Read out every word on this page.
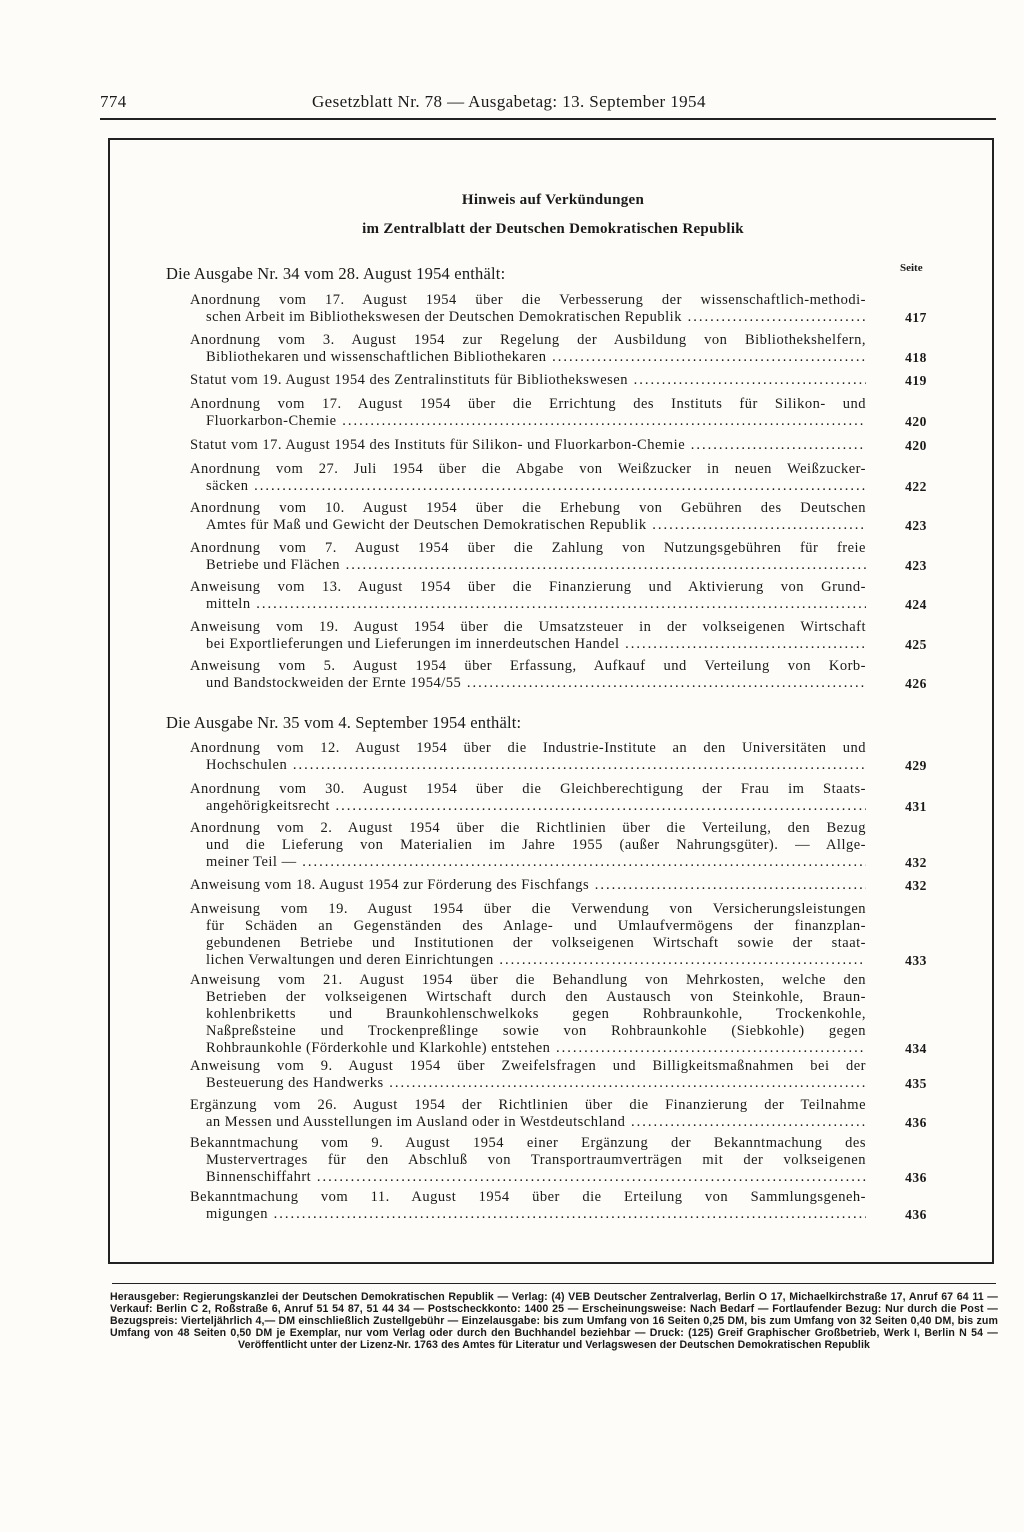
774	Gesetzblatt Nr. 78 — Ausgabetag: 13. September 1954
Hinweis auf Verkündungen
im Zentralblatt der Deutschen Demokratischen Republik
Seite
Die Ausgabe Nr. 34 vom 28. August 1954 enthält:
Anordnung vom 17. August 1954 über die Verbesserung der wissenschaftlich-methodi-
schen Arbeit im Bibliothekswesen der Deutschen Demokratischen Republik .....	417
Anordnung vom 3. August 1954 zur Regelung der Ausbildung von Bibliothekshelfern,
Bibliothekaren und wissenschaftlichen Bibliothekaren .....	418
Statut vom 19. August 1954 des Zentralinstituts für Bibliothekswesen .....	419
Anordnung vom 17. August 1954 über die Errichtung des Instituts für Silikon- und
Fluorkarbon-Chemie .....	420
Statut vom 17. August 1954 des Instituts für Silikon- und Fluorkarbon-Chemie .....	420
Anordnung vom 27. Juli 1954 über die Abgabe von Weißzucker in neuen Weißzucker-
säcken .....	422
Anordnung vom 10. August 1954 über die Erhebung von Gebühren des Deutschen
Amtes für Maß und Gewicht der Deutschen Demokratischen Republik .....	423
Anordnung vom 7. August 1954 über die Zahlung von Nutzungsgebühren für freie
Betriebe und Flächen .....	423
Anweisung vom 13. August 1954 über die Finanzierung und Aktivierung von Grund-
mitteln .....	424
Anweisung vom 19. August 1954 über die Umsatzsteuer in der volkseigenen Wirtschaft
bei Exportlieferungen und Lieferungen im innerdeutschen Handel .....	425
Anweisung vom 5. August 1954 über Erfassung, Aufkauf und Verteilung von Korb-
und Bandstockweiden der Ernte 1954/55 .....	426
Die Ausgabe Nr. 35 vom 4. September 1954 enthält:
Anordnung vom 12. August 1954 über die Industrie-Institute an den Universitäten und
Hochschulen .....	429
Anordnung vom 30. August 1954 über die Gleichberechtigung der Frau im Staats-
angehörigkeitsrecht .....	431
Anordnung vom 2. August 1954 über die Richtlinien über die Verteilung, den Bezug
und die Lieferung von Materialien im Jahre 1955 (außer Nahrungsgüter). — Allge-
meiner Teil — .....	432
Anweisung vom 18. August 1954 zur Förderung des Fischfangs .....	432
Anweisung vom 19. August 1954 über die Verwendung von Versicherungsleistungen
für Schäden an Gegenständen des Anlage- und Umlaufvermögens der finanzplan-
gebundenen Betriebe und Institutionen der volkseigenen Wirtschaft sowie der staat-
lichen Verwaltungen und deren Einrichtungen .....	433
Anweisung vom 21. August 1954 über die Behandlung von Mehrkosten, welche den
Betrieben der volkseigenen Wirtschaft durch den Austausch von Steinkohle, Braun-
kohlenbriketts und Braunkohlenschwelkoks gegen Rohbraunkohle, Trockenkohle,
Naßpreßsteine und Trockenpreßlinge sowie von Rohbraunkohle (Siebkohle) gegen
Rohbraunkohle (Förderkohle und Klarkohle) entstehen .....	434
Anweisung vom 9. August 1954 über Zweifelsfragen und Billigkeitsmaßnahmen bei der
Besteuerung des Handwerks .....	435
Ergänzung vom 26. August 1954 der Richtlinien über die Finanzierung der Teilnahme
an Messen und Ausstellungen im Ausland oder in Westdeutschland .....	436
Bekanntmachung vom 9. August 1954 einer Ergänzung der Bekanntmachung des
Mustervertrages für den Abschluß von Transportraumverträgen mit der volkseigenen
Binnenschiffahrt .....	436
Bekanntmachung vom 11. August 1954 über die Erteilung von Sammlungsgeneh-
migungen .....	436
Herausgeber: Regierungskanzlei der Deutschen Demokratischen Republik — Verlag: (4) VEB Deutscher Zentralverlag, Berlin O 17, Michaelkirchstraße 17, Anruf 67 64 11 — Verkauf: Berlin C 2, Roßstraße 6, Anruf 51 54 87, 51 44 34 — Postscheckkonto: 1400 25 — Erscheinungsweise: Nach Bedarf — Fortlaufender Bezug: Nur durch die Post — Bezugspreis: Vierteljährlich 4,— DM einschließlich Zustellgebühr — Einzelausgabe: bis zum Umfang von 16 Seiten 0,25 DM, bis zum Umfang von 32 Seiten 0,40 DM, bis zum Umfang von 48 Seiten 0,50 DM je Exemplar, nur vom Verlag oder durch den Buchhandel beziehbar — Druck: (125) Greif Graphischer Großbetrieb, Werk I, Berlin N 54 — Veröffentlicht unter der Lizenz-Nr. 1763 des Amtes für Literatur und Verlagswesen der Deutschen Demokratischen Republik
